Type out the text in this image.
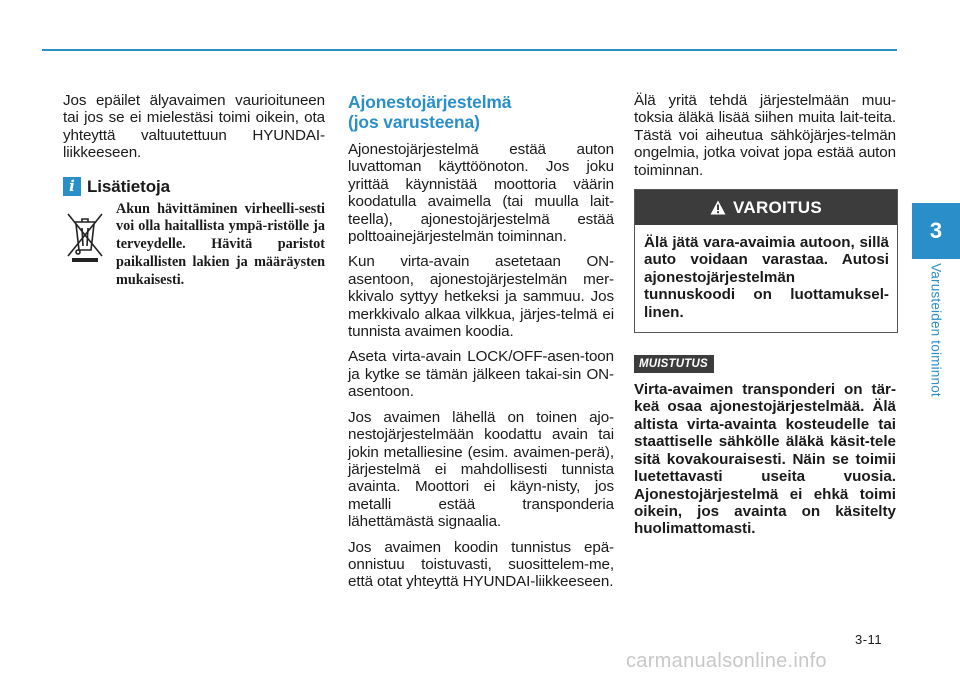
Jos epäilet älyavaimen vaurioituneen tai jos se ei mielestäsi toimi oikein, ota yhteyttä valtuutettuun HYUNDAI-liikkeeseen.

i Lisätietoja

Akun hävittäminen virheelli-sesti voi olla haitallista ympä-ristölle ja terveydelle. Hävitä paristot paikallisten lakien ja määräysten mukaisesti.

Ajonestojärjestelmä
(jos varusteena)

Ajonestojärjestelmä estää auton luvattoman käyttöönoton. Jos joku yrittää käynnistää moottoria väärin koodatulla avaimella (tai muulla lait-teella), ajonestojärjestelmä estää polttoainejärjestelmän toiminnan.

Kun virta-avain asetetaan ON-asentoon, ajonestojärjestelmän mer-kkivalo syttyy hetkeksi ja sammuu. Jos merkkivalo alkaa vilkkua, järjes-telmä ei tunnista avaimen koodia.

Aseta virta-avain LOCK/OFF-asen-toon ja kytke se tämän jälkeen takai-sin ON-asentoon.

Jos avaimen lähellä on toinen ajo-nestojärjestelmään koodattu avain tai jokin metalliesine (esim. avaimen-perä), järjestelmä ei mahdollisesti tunnista avainta. Moottori ei käyn-nisty, jos metalli estää transponderia lähettämästä signaalia.

Jos avaimen koodin tunnistus epä-onnistuu toistuvasti, suosittelem-me, että otat yhteyttä HYUNDAI-liikkeeseen.

Älä yritä tehdä järjestelmään muu-toksia äläkä lisää siihen muita lait-teita. Tästä voi aiheutua sähköjärjes-telmän ongelmia, jotka voivat jopa estää auton toiminnan.

VAROITUS

Älä jätä vara-avaimia autoon, sillä auto voidaan varastaa. Autosi ajonestojärjestelmän tunnuskoodi on luottamuksel-linen.

MUISTUTUS

Virta-avaimen transponderi on tär-keä osaa ajonestojärjestelmää. Älä altista virta-avainta kosteudelle tai staattiselle sähkölle äläkä käsit-tele sitä kovakouraisesti. Näin se toimii luetettavasti useita vuosia. Ajonestojärjestelmä ei ehkä toimi oikein, jos avainta on käsitelty huolimattomasti.

3
Varusteiden toiminnot
3-11
carmanualsonline.info
